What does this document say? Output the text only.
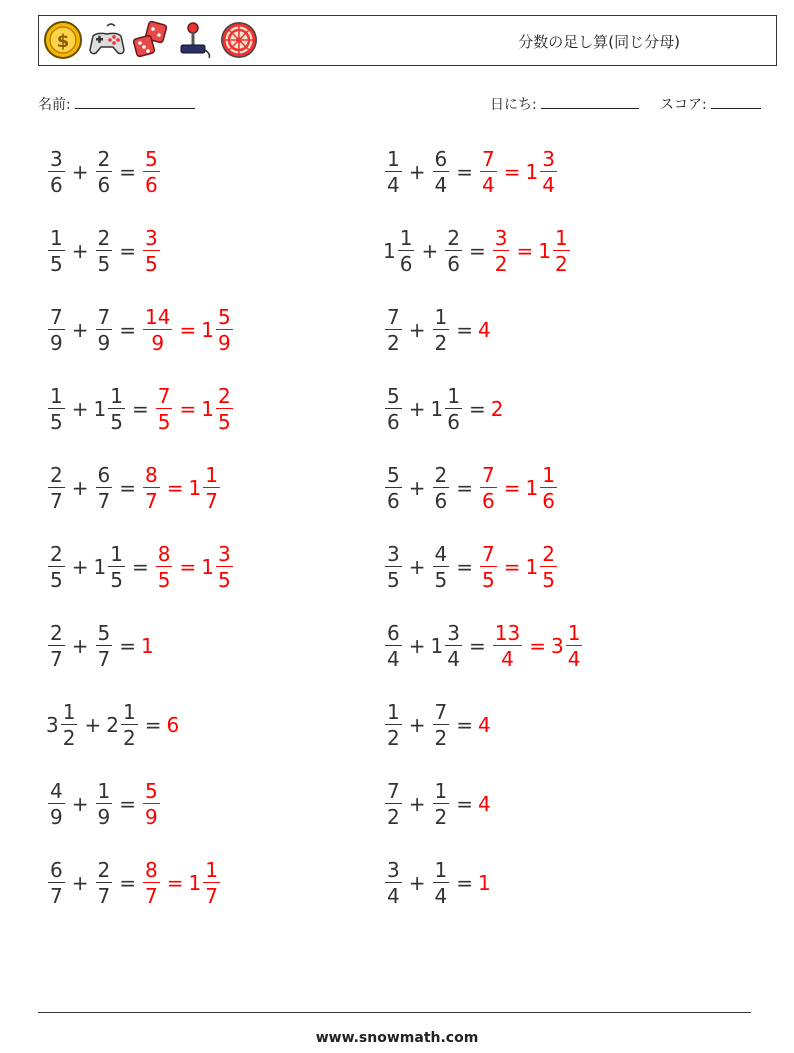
$	分数の足し算(同じ分母)
名前:	日にち:	スコア:
$\frac{3}{6} + \frac{2}{6} = \frac{5}{6}$	$\frac{1}{4} + \frac{6}{4} = \frac{7}{4} = 1 \frac{3}{4}$
$\frac{1}{5} + \frac{2}{5} = \frac{3}{5}$	$1 \frac{1}{6} + \frac{2}{6} = \frac{3}{2} = 1 \frac{1}{2}$
$\frac{7}{9} + \frac{7}{9} = \frac{14}{9} = 1 \frac{5}{9}$	$\frac{7}{2} + \frac{1}{2} = 4$
$\frac{1}{5} + 1 \frac{1}{5} = \frac{7}{5} = 1 \frac{2}{5}$	$\frac{5}{6} + 1 \frac{1}{6} = 2$
$\frac{2}{7} + \frac{6}{7} = \frac{8}{7} = 1 \frac{1}{7}$	$\frac{5}{6} + \frac{2}{6} = \frac{7}{6} = 1 \frac{1}{6}$
$\frac{2}{5} + 1 \frac{1}{5} = \frac{8}{5} = 1 \frac{3}{5}$	$\frac{3}{5} + \frac{4}{5} = \frac{7}{5} = 1 \frac{2}{5}$
$\frac{2}{7} + \frac{5}{7} = 1$	$\frac{6}{4} + 1 \frac{3}{4} = \frac{13}{4} = 3 \frac{1}{4}$
$3 \frac{1}{2} + 2 \frac{1}{2} = 6$	$\frac{1}{2} + \frac{7}{2} = 4$
$\frac{4}{9} + \frac{1}{9} = \frac{5}{9}$	$\frac{7}{2} + \frac{1}{2} = 4$
$\frac{6}{7} + \frac{2}{7} = \frac{8}{7} = 1 \frac{1}{7}$	$\frac{3}{4} + \frac{1}{4} = 1$
www.snowmath.com
